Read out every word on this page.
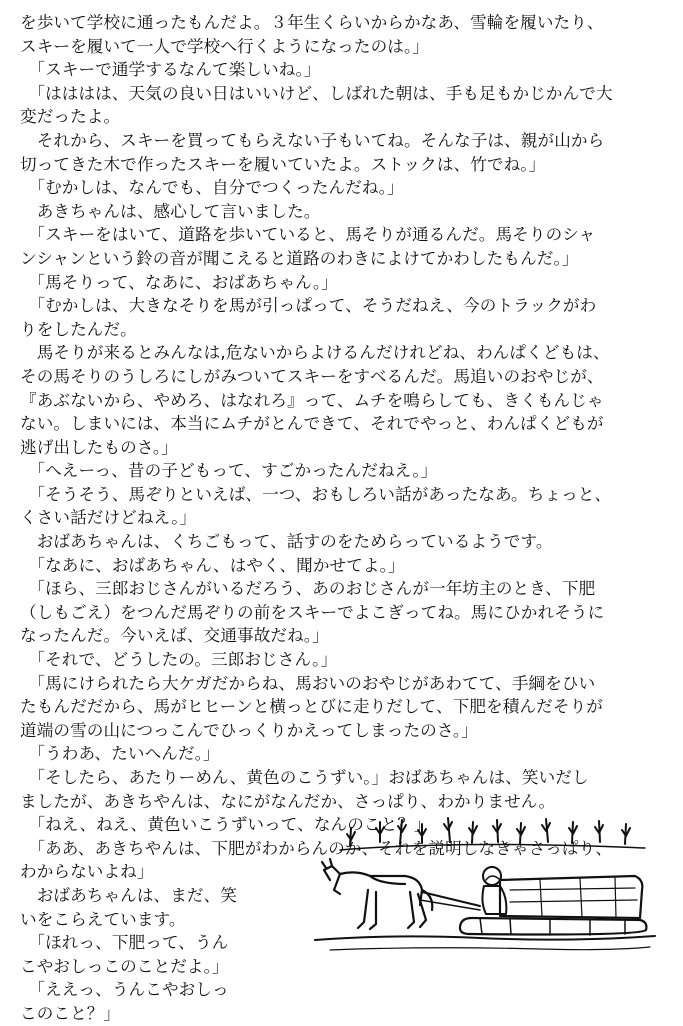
を歩いて学校に通ったもんだよ。３年生くらいからかなあ、雪輪を履いたり、
スキーを履いて一人で学校へ行くようになったのは。」
　「スキーで通学するなんて楽しいね。」
　「はははは、天気の良い日はいいけど、しばれた朝は、手も足もかじかんで大
変だったよ。
　それから、スキーを買ってもらえない子もいてね。そんな子は、親が山から
切ってきた木で作ったスキーを履いていたよ。ストックは、竹でね。」
　「むかしは、なんでも、自分でつくったんだね。」
　あきちゃんは、感心して言いました。
　「スキーをはいて、道路を歩いていると、馬そりが通るんだ。馬そりのシャ
ンシャンという鈴の音が聞こえると道路のわきによけてかわしたもんだ。」
　「馬そりって、なあに、おばあちゃん。」
　「むかしは、大きなそりを馬が引っぱって、そうだねえ、今のトラックがわ
りをしたんだ。
　馬そりが来るとみんなは,危ないからよけるんだけれどね、わんぱくどもは、
その馬そりのうしろにしがみついてスキーをすべるんだ。馬追いのおやじが、
『あぶないから、やめろ、はなれろ』って、ムチを鳴らしても、きくもんじゃ
ない。しまいには、本当にムチがとんできて、それでやっと、わんぱくどもが
逃げ出したものさ。」
　「へえーっ、昔の子どもって、すごかったんだねえ。」
　「そうそう、馬ぞりといえば、一つ、おもしろい話があったなあ。ちょっと、
くさい話だけどねえ。」
　おばあちゃんは、くちごもって、話すのをためらっているようです。
　「なあに、おばあちゃん、はやく、聞かせてよ。」
　「ほら、三郎おじさんがいるだろう、あのおじさんが一年坊主のとき、下肥
（しもごえ）をつんだ馬ぞりの前をスキーでよこぎってね。馬にひかれそうに
なったんだ。今いえば、交通事故だね。」
　「それで、どうしたの。三郎おじさん。」
　「馬にけられたら大ケガだからね、馬おいのおやじがあわてて、手綱をひい
たもんだだから、馬がヒヒーンと横っとびに走りだして、下肥を積んだそりが
道端の雪の山につっこんでひっくりかえってしまったのさ。」
　「うわあ、たいへんだ。」
　「そしたら、あたりーめん、黄色のこうずい。」おばあちゃんは、笑いだし
ましたが、あきちやんは、なにがなんだか、さっぱり、わかりません。
　「ねえ、ねえ、黄色いこうずいって、なんのこと？」
　「ああ、あきちやんは、下肥がわからんのか、それを説明しなきゃさっぱり、
わからないよね」
　おばあちゃんは、まだ、笑
いをこらえています。
　「ほれっ、下肥って、うん
こやおしっこのことだよ。」
　「ええっ、うんこやおしっ
このこと？」
